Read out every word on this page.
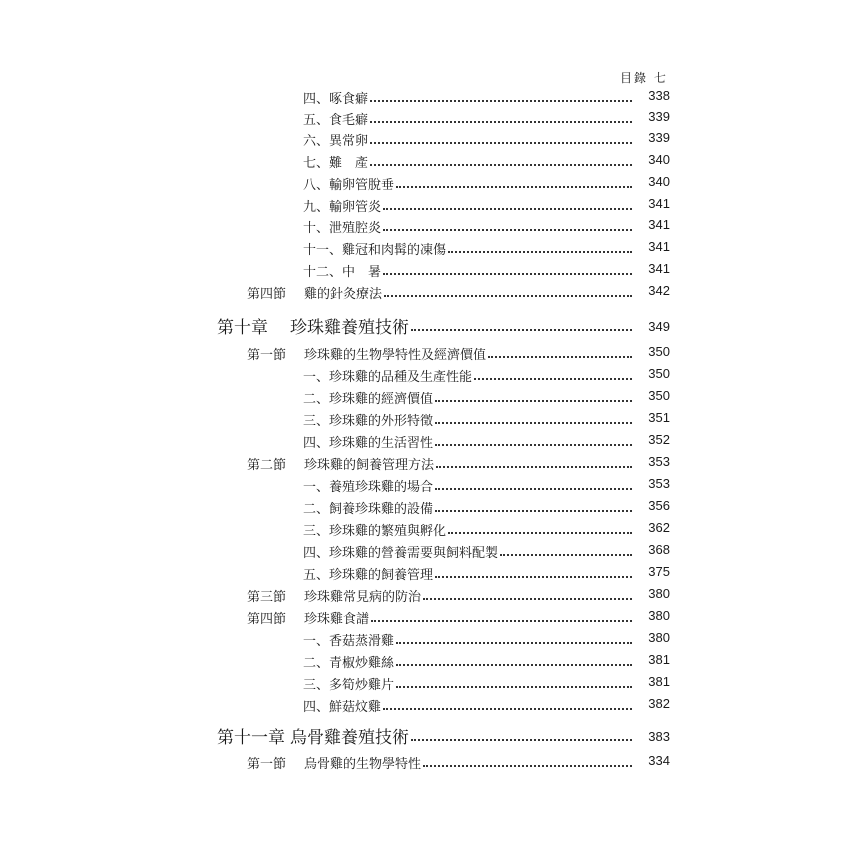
目錄 七
四、 啄食癖	338
五、 食毛癖	339
六、 異常卵	339
七、 難　產	340
八、 輸卵管脫垂	340
九、 輸卵管炎	341
十、 泄殖腔炎	341
十一、 雞冠和肉髯的凍傷	341
十二、 中　暑	341
第四節 雞的針灸療法	342
第十章 珍珠雞養殖技術	349
第一節 珍珠雞的生物學特性及經濟價值	350
一、 珍珠雞的品種及生產性能	350
二、 珍珠雞的經濟價值	350
三、 珍珠雞的外形特徵	351
四、 珍珠雞的生活習性	352
第二節 珍珠雞的飼養管理方法	353
一、 養殖珍珠雞的場合	353
二、 飼養珍珠雞的設備	356
三、 珍珠雞的繁殖與孵化	362
四、 珍珠雞的營養需要與飼料配製	368
五、 珍珠雞的飼養管理	375
第三節 珍珠雞常見病的防治	380
第四節 珍珠雞食譜	380
一、 香菇蒸滑雞	380
二、 青椒炒雞絲	381
三、 多筍炒雞片	381
四、 鮮菇炆雞	382
第十一章 烏骨雞養殖技術	383
第一節 烏骨雞的生物學特性	334
